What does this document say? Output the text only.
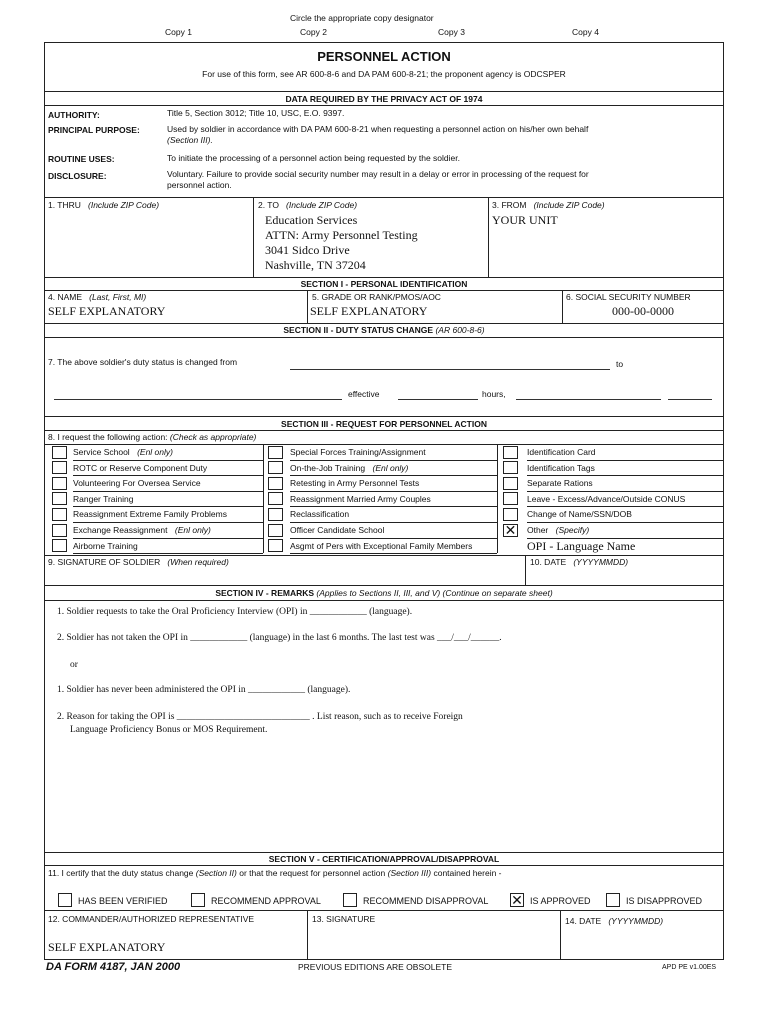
Circle the appropriate copy designator
Copy 1	Copy 2	Copy 3	Copy 4
PERSONNEL ACTION
For use of this form, see AR 600-8-6 and DA PAM 600-8-21; the proponent agency is ODCSPER
DATA REQUIRED BY THE PRIVACY ACT OF 1974
AUTHORITY:	Title 5, Section 3012; Title 10, USC, E.O. 9397.
PRINCIPAL PURPOSE:	Used by soldier in accordance with DA PAM 600-8-21 when requesting a personnel action on his/her own behalf
(Section III).
ROUTINE USES:	To initiate the processing of a personnel action being requested by the soldier.
DISCLOSURE:	Voluntary. Failure to provide social security number may result in a delay or error in processing of the request for
personnel action.
1. THRU (Include ZIP Code)	2. TO (Include ZIP Code)
Education Services
ATTN: Army Personnel Testing
3041 Sidco Drive
Nashville, TN 37204
3. FROM (Include ZIP Code)
YOUR UNIT
SECTION I - PERSONAL IDENTIFICATION
4. NAME (Last, First, MI)
SELF EXPLANATORY
5. GRADE OR RANK/PMOS/AOC
SELF EXPLANATORY
6. SOCIAL SECURITY NUMBER
000-00-0000
SECTION II - DUTY STATUS CHANGE (AR 600-8-6)
7. The above soldier's duty status is changed from	to
effective	hours,
SECTION III - REQUEST FOR PERSONNEL ACTION
8. I request the following action: (Check as appropriate)
Service School (Enl only)
ROTC or Reserve Component Duty
Volunteering For Oversea Service
Ranger Training
Reassignment Extreme Family Problems
Exchange Reassignment (Enl only)
Airborne Training
Special Forces Training/Assignment
On-the-Job Training (Enl only)
Retesting in Army Personnel Tests
Reassignment Married Army Couples
Reclassification
Officer Candidate School
Asgmt of Pers with Exceptional Family Members
Identification Card
Identification Tags
Separate Rations
Leave - Excess/Advance/Outside CONUS
Change of Name/SSN/DOB
✕ Other (Specify)
OPI - Language Name
9. SIGNATURE OF SOLDIER (When required)	10. DATE (YYYYMMDD)
SECTION IV - REMARKS (Applies to Sections II, III, and V) (Continue on separate sheet)
1. Soldier requests to take the Oral Proficiency Interview (OPI) in ____________ (language).
2. Soldier has not taken the OPI in ____________ (language) in the last 6 months. The last test was ___/___/______.
or
1. Soldier has never been administered the OPI in ____________ (language).
2. Reason for taking the OPI is ____________________________ . List reason, such as to receive Foreign
Language Proficiency Bonus or MOS Requirement.
SECTION V - CERTIFICATION/APPROVAL/DISAPPROVAL
11. I certify that the duty status change (Section II) or that the request for personnel action (Section III) contained herein -
HAS BEEN VERIFIED	RECOMMEND APPROVAL	RECOMMEND DISAPPROVAL ✕ IS APPROVED	IS DISAPPROVED
12. COMMANDER/AUTHORIZED REPRESENTATIVE
SELF EXPLANATORY
13. SIGNATURE	14. DATE (YYYYMMDD)
DA FORM 4187, JAN 2000	PREVIOUS EDITIONS ARE OBSOLETE	APD PE v1.00ES
